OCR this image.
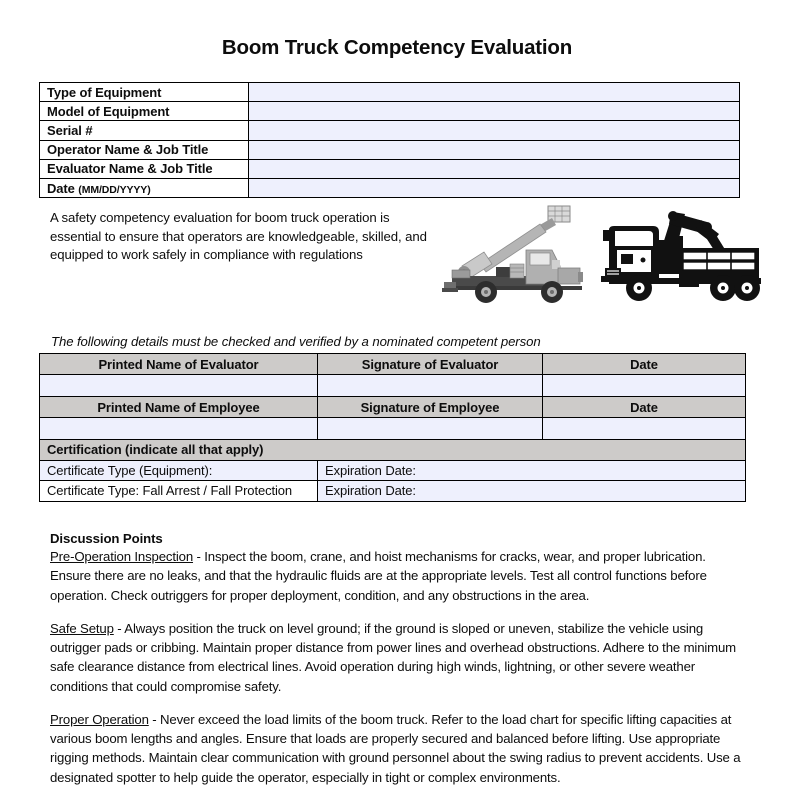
Boom Truck Competency Evaluation
Type of Equipment	
Model of Equipment	
Serial #	
Operator Name & Job Title	
Evaluator Name & Job Title	
Date (MM/DD/YYYY)	
A safety competency evaluation for boom truck operation is essential to ensure that operators are knowledgeable, skilled, and equipped to work safely in compliance with regulations
The following details must be checked and verified by a nominated competent person
Printed Name of Evaluator	Signature of Evaluator	Date

Printed Name of Employee	Signature of Employee	Date

Certification (indicate all that apply)		
Certificate Type (Equipment):	Expiration Date:	
Certificate Type: Fall Arrest / Fall Protection	Expiration Date:	
Discussion Points

Pre-Operation Inspection - Inspect the boom, crane, and hoist mechanisms for cracks, wear, and proper lubrication. Ensure there are no leaks, and that the hydraulic fluids are at the appropriate levels. Test all control functions before operation. Check outriggers for proper deployment, condition, and any obstructions in the area.

Safe Setup - Always position the truck on level ground; if the ground is sloped or uneven, stabilize the vehicle using outrigger pads or cribbing. Maintain proper distance from power lines and overhead obstructions. Adhere to the minimum safe clearance distance from electrical lines. Avoid operation during high winds, lightning, or other severe weather conditions that could compromise safety.

Proper Operation - Never exceed the load limits of the boom truck. Refer to the load chart for specific lifting capacities at various boom lengths and angles. Ensure that loads are properly secured and balanced before lifting. Use appropriate rigging methods. Maintain clear communication with ground personnel about the swing radius to prevent accidents. Use a designated spotter to help guide the operator, especially in tight or complex environments.
